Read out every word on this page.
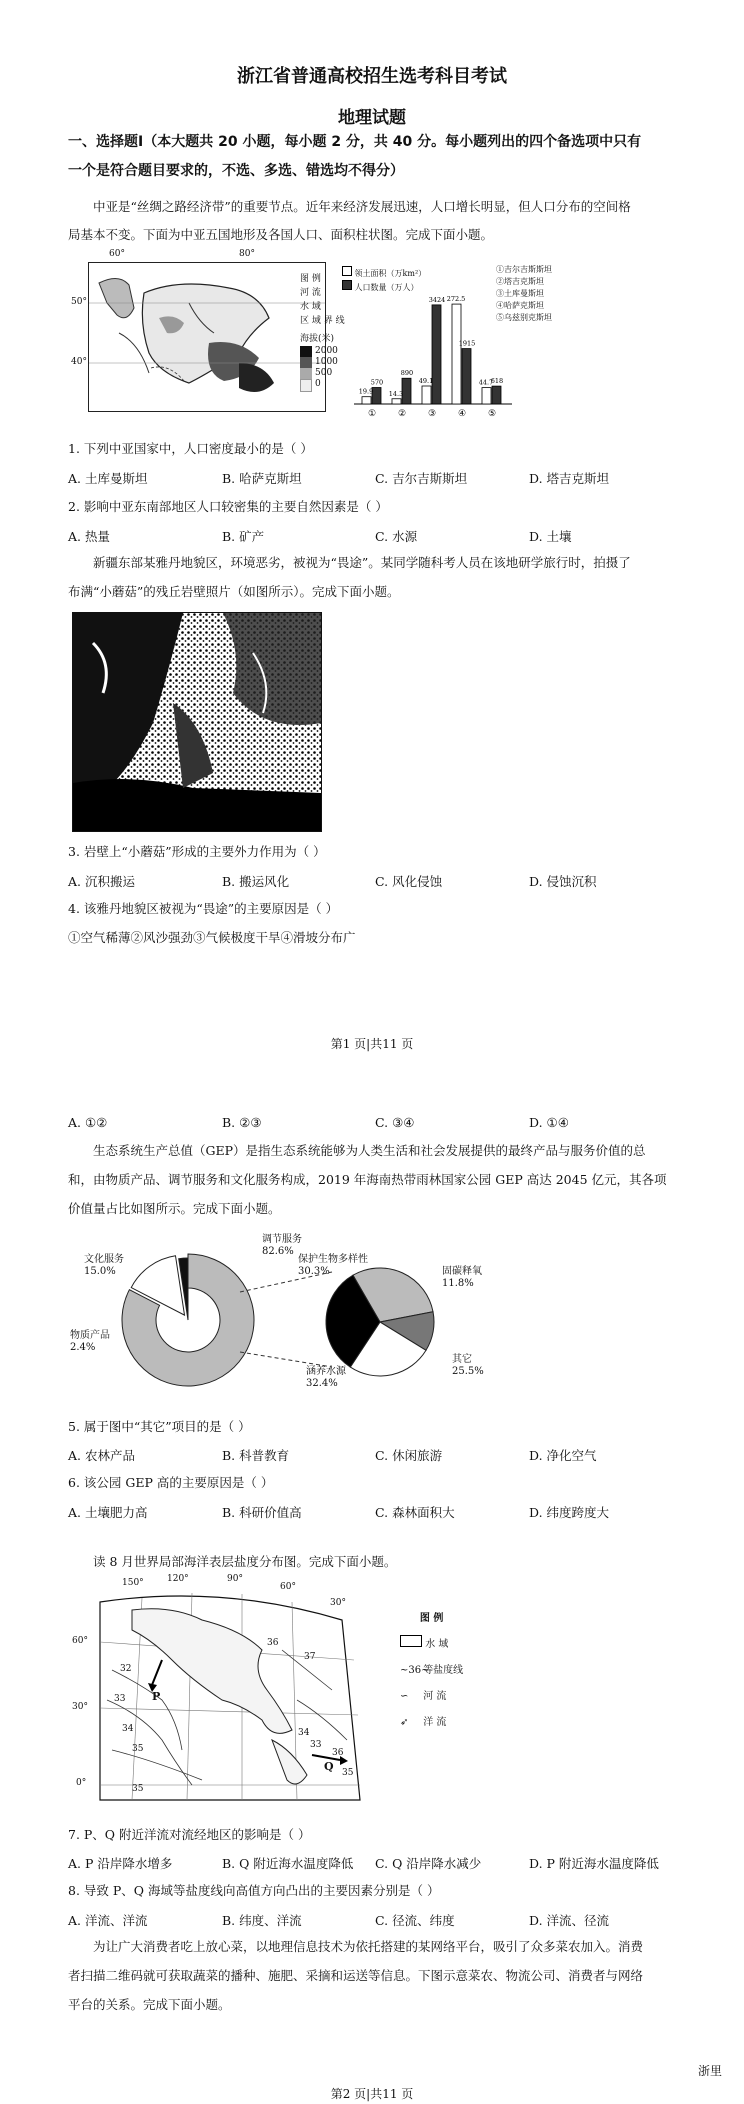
浙江省普通高校招生选考科目考试
地理试题
一、选择题Ⅰ（本大题共 20 小题，每小题 2 分，共 40 分。每小题列出的四个备选项中只有
一个是符合题目要求的，不选、多选、错选均不得分）
中亚是“丝绸之路经济带”的重要节点。近年来经济发展迅速，人口增长明显，但人口分布的空间格
局基本不变。下面为中亚五国地形及各国人口、面积柱状图。完成下面小题。
60°	80°
50°
40°
图 例
河 流
水 域
区 域 界 线
海拔(米)
2000
1000
500
0
19.9
570
①
14.3
890
②
49.1
3424
③
272.5
1915
④
44.7
618
⑤
领土面积（万km²）
人口数量（万人）
①吉尔吉斯斯坦
②塔吉克斯坦
③土库曼斯坦
④哈萨克斯坦
⑤乌兹别克斯坦
1. 下列中亚国家中，人口密度最小的是（ ）
A. 土库曼斯坦	B. 哈萨克斯坦	C. 吉尔吉斯斯坦	D. 塔吉克斯坦
2. 影响中亚东南部地区人口较密集的主要自然因素是（ ）
A. 热量	B. 矿产	C. 水源	D. 土壤
新疆东部某雅丹地貌区，环境恶劣，被视为“畏途”。某同学随科考人员在该地研学旅行时，拍摄了
布满“小蘑菇”的残丘岩壁照片（如图所示）。完成下面小题。
3. 岩壁上“小蘑菇”形成的主要外力作用为（ ）
A. 沉积搬运	B. 搬运风化	C. 风化侵蚀	D. 侵蚀沉积
4. 该雅丹地貌区被视为“畏途”的主要原因是（ ）
①空气稀薄②风沙强劲③气候极度干旱④滑坡分布广
第1 页|共11 页
A. ①②	B. ②③	C. ③④	D. ①④
生态系统生产总值（GEP）是指生态系统能够为人类生活和社会发展提供的最终产品与服务价值的总
和，由物质产品、调节服务和文化服务构成，2019 年海南热带雨林国家公园 GEP 高达 2045 亿元，其各项
价值量占比如图所示。完成下面小题。
调节服务
82.6%
文化服务
15.0%
物质产品
2.4%
保护生物多样性
30.3%	固碳释氧
11.8%
其它
25.5%
涵养水源
32.4%
5. 属于图中“其它”项目的是（ ）
A. 农林产品	B. 科普教育	C. 休闲旅游	D. 净化空气
6. 该公园 GEP 高的主要原因是（ ）
A. 土壤肥力高	B. 科研价值高	C. 森林面积大	D. 纬度跨度大
读 8 月世界局部海洋表层盐度分布图。完成下面小题。
150°	120°	90°
60°
30°
60°
30°
0°
32
33
34
35
36
37
35
34
33
36
35
P
Q
图 例
水 域
~36~ 等盐度线
∽ 河 流
➶ 洋 流
7. P、Q 附近洋流对流经地区的影响是（ ）
A. P 沿岸降水增多	B. Q 附近海水温度降低 C. Q 沿岸降水减少	D. P 附近海水温度降低
8. 导致 P、Q 海域等盐度线向高值方向凸出的主要因素分别是（ ）
A. 洋流、洋流	B. 纬度、洋流	C. 径流、纬度	D. 洋流、径流
为让广大消费者吃上放心菜，以地理信息技术为依托搭建的某网络平台，吸引了众多菜农加入。消费
者扫描二维码就可获取蔬菜的播种、施肥、采摘和运送等信息。下图示意菜农、物流公司、消费者与网络
平台的关系。完成下面小题。
浙里
第2 页|共11 页
